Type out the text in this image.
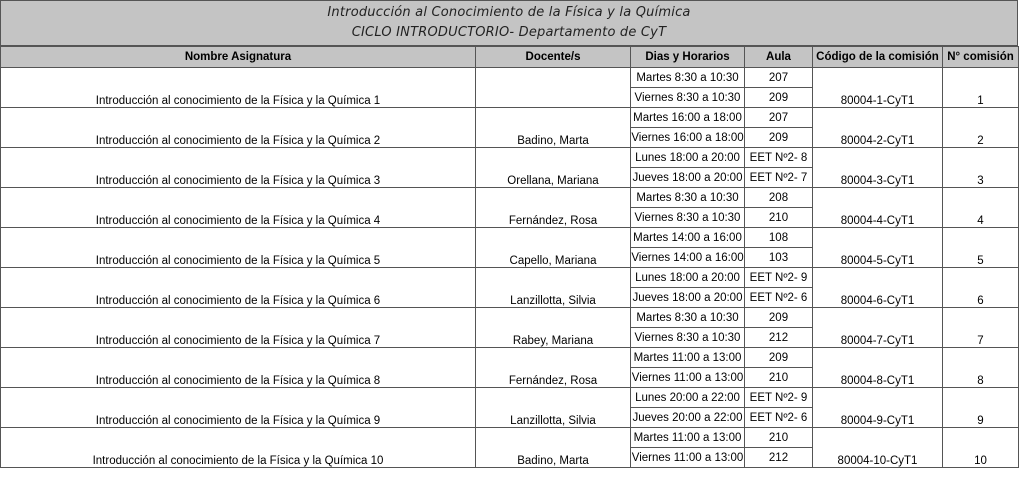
Introducción al Conocimiento de la Física y la Química
CICLO INTRODUCTORIO- Departamento de CyT
Nombre Asignatura	Docente/s	Dias y Horarios	Aula	Código de la comisión	N° comisión
Introducción al conocimiento de la Física y la Química 1		Martes 8:30 a 10:30	207	80004-1-CyT1	1
		Viernes 8:30 a 10:30	209		
Introducción al conocimiento de la Física y la Química 2	Badino, Marta	Martes 16:00 a 18:00	207	80004-2-CyT1	2
		Viernes 16:00 a 18:00	209		
Introducción al conocimiento de la Física y la Química 3	Orellana, Mariana	Lunes 18:00 a 20:00	EET Nº2- 8	80004-3-CyT1	3
		Jueves 18:00 a 20:00	EET Nº2- 7		
Introducción al conocimiento de la Física y la Química 4	Fernández, Rosa	Martes 8:30 a 10:30	208	80004-4-CyT1	4
		Viernes 8:30 a 10:30	210		
Introducción al conocimiento de la Física y la Química 5	Capello, Mariana	Martes 14:00 a 16:00	108	80004-5-CyT1	5
		Viernes 14:00 a 16:00	103		
Introducción al conocimiento de la Física y la Química 6	Lanzillotta, Silvia	Lunes 18:00 a 20:00	EET Nº2- 9	80004-6-CyT1	6
		Jueves 18:00 a 20:00	EET Nº2- 6		
Introducción al conocimiento de la Física y la Química 7	Rabey, Mariana	Martes 8:30 a 10:30	209	80004-7-CyT1	7
		Viernes 8:30 a 10:30	212		
Introducción al conocimiento de la Física y la Química 8	Fernández, Rosa	Martes 11:00 a 13:00	209	80004-8-CyT1	8
		Viernes 11:00 a 13:00	210		
Introducción al conocimiento de la Física y la Química 9	Lanzillotta, Silvia	Lunes 20:00 a 22:00	EET Nº2- 9	80004-9-CyT1	9
		Jueves 20:00 a 22:00	EET Nº2- 6		
Introducción al conocimiento de la Física y la Química 10	Badino, Marta	Martes 11:00 a 13:00	210	80004-10-CyT1	10
		Viernes 11:00 a 13:00	212		
